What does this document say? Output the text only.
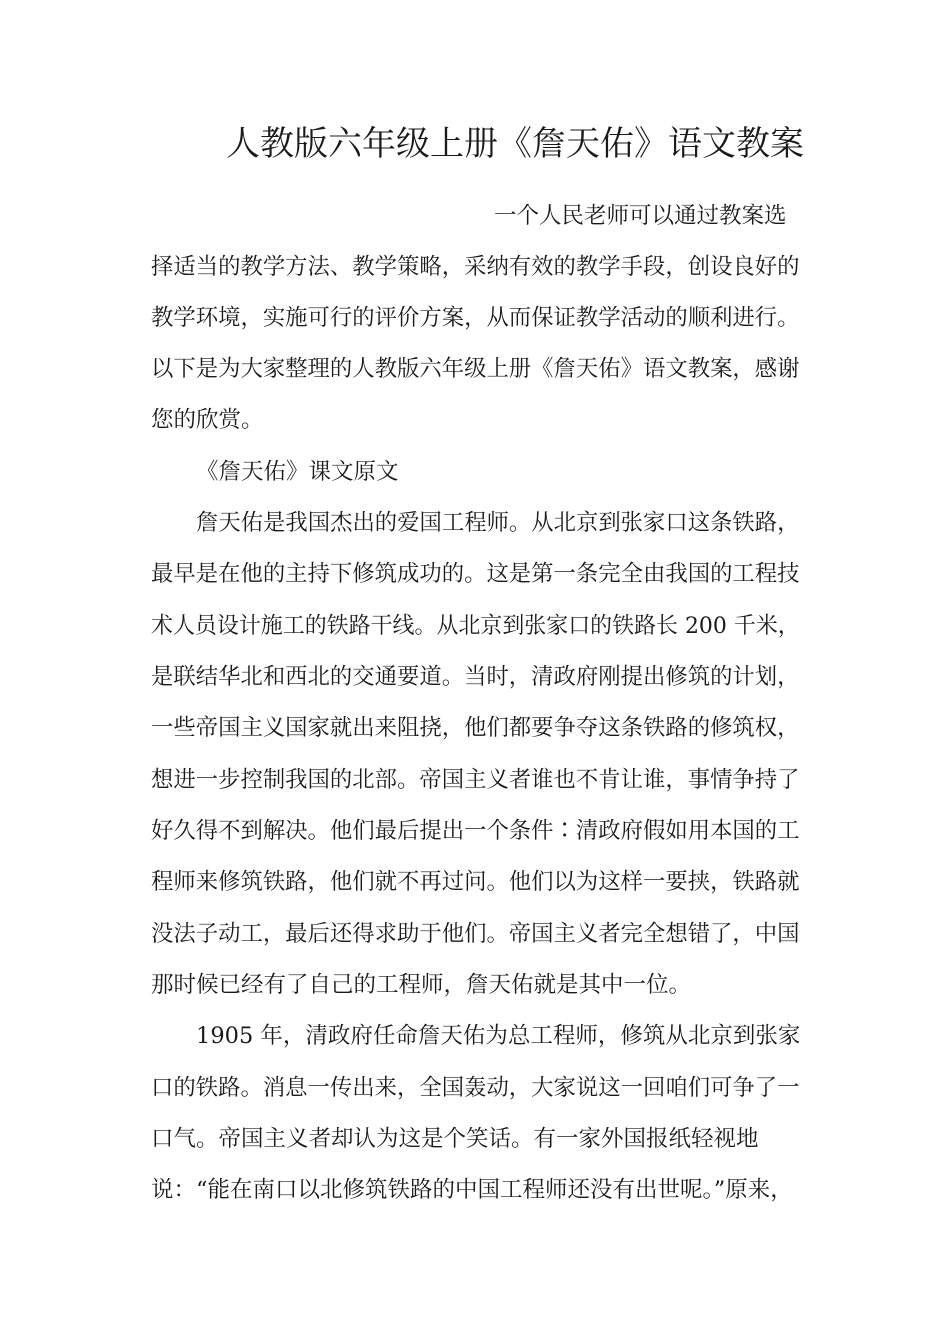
人教版六年级上册《詹天佑》语文教案
一个人民老师可以通过教案选
择适当的教学方法、教学策略，采纳有效的教学手段，创设良好的
教学环境，实施可行的评价方案，从而保证教学活动的顺利进行。
以下是为大家整理的人教版六年级上册《詹天佑》语文教案，感谢
您的欣赏。
《詹天佑》课文原文
詹天佑是我国杰出的爱国工程师。从北京到张家口这条铁路，
最早是在他的主持下修筑成功的。这是第一条完全由我国的工程技
术人员设计施工的铁路干线。从北京到张家口的铁路长 200 千米，
是联结华北和西北的交通要道。当时，清政府刚提出修筑的计划，
一些帝国主义国家就出来阻挠，他们都要争夺这条铁路的修筑权，
想进一步控制我国的北部。帝国主义者谁也不肯让谁，事情争持了
好久得不到解决。他们最后提出一个条件∶清政府假如用本国的工
程师来修筑铁路，他们就不再过问。他们以为这样一要挟，铁路就
没法子动工，最后还得求助于他们。帝国主义者完全想错了，中国
那时候已经有了自己的工程师，詹天佑就是其中一位。
1905 年，清政府任命詹天佑为总工程师，修筑从北京到张家
口的铁路。消息一传出来，全国轰动，大家说这一回咱们可争了一
口气。帝国主义者却认为这是个笑话。有一家外国报纸轻视地
说：“能在南口以北修筑铁路的中国工程师还没有出世呢。”原来，
